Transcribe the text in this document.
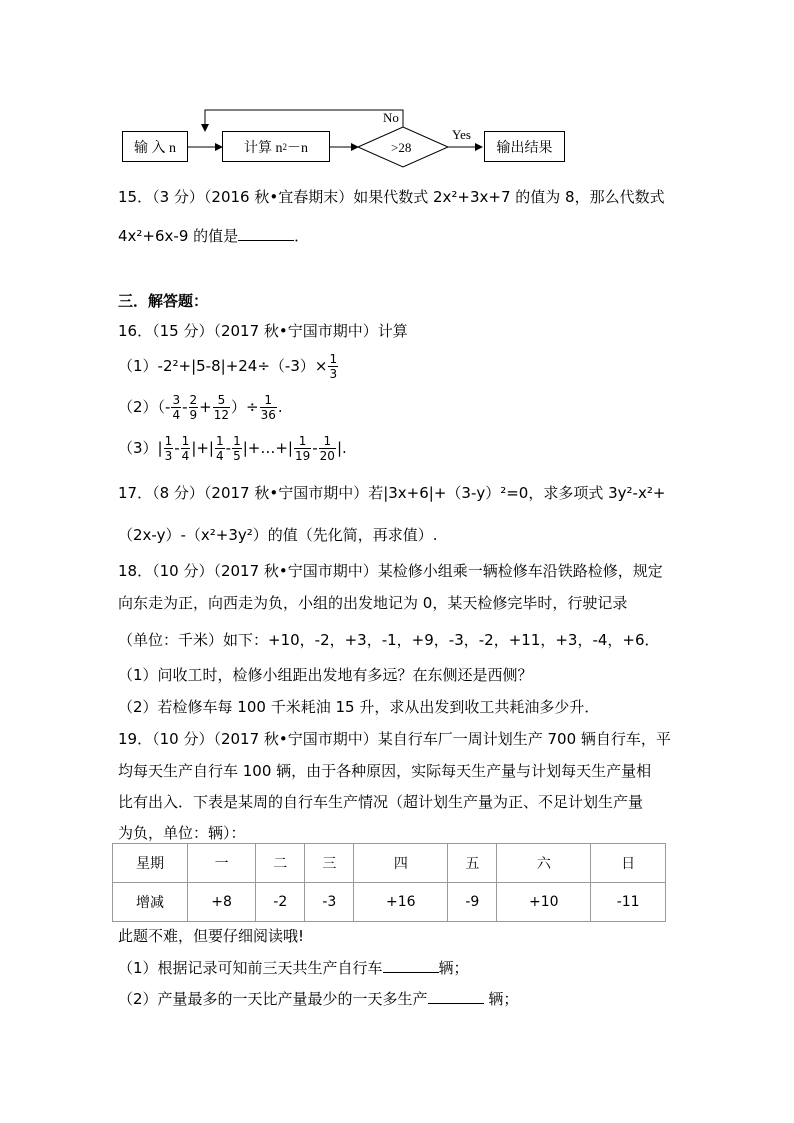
输 入 n	计算 n 2 －n	>28
No
Yes
输出结果
15．（3 分）（2016 秋•宜春期末）如果代数式 2x²+3x+7 的值为 8，那么代数式
4x²+6x-9 的值是	．
三．解答题：
16．（15 分）（2017 秋•宁国市期中）计算
$(1)-2^2+|5-8|+24\div(-3)\times \frac{1}{3}$
$(2)(- \frac{3}{4} - \frac{2}{9} + \frac{5}{12}$ ）÷ $\frac{1}{36}$ .
$(3)| \frac{1}{3} - \frac{1}{4}$ |+| $\frac{1}{4} - \frac{1}{5}$ |+…+| $\frac{1}{19} - \frac{1}{20}$ |.
17．（8 分）（2017 秋•宁国市期中）若|3x+6|+（3-y）²=0，求多项式 3y²-x²+
（2x-y）-（x²+3y²）的值（先化简，再求值）.
18．（10 分）（2017 秋•宁国市期中）某检修小组乘一辆检修车沿铁路检修，规定
向东走为正，向西走为负，小组的出发地记为 0，某天检修完毕时，行驶记录
（单位：千米）如下：+10，-2，+3，-1，+9，-3，-2，+11，+3，-4，+6．
（1）问收工时，检修小组距出发地有多远？在东侧还是西侧？
（2）若检修车每 100 千米耗油 15 升，求从出发到收工共耗油多少升．
19．（10 分）（2017 秋•宁国市期中）某自行车厂一周计划生产 700 辆自行车，平
均每天生产自行车 100 辆，由于各种原因，实际每天生产量与计划每天生产量相
比有出入．下表是某周的自行车生产情况（超计划生产量为正、不足计划生产量
为负，单位：辆）：
星期	一	二	三	四	五	六	日
增减	+8	-2	-3	+16	-9	+10	-11
此题不难，但要仔细阅读哦!
（1）根据记录可知前三天共生产自行车	辆；
（2）产量最多的一天比产量最少的一天多生产	辆；
